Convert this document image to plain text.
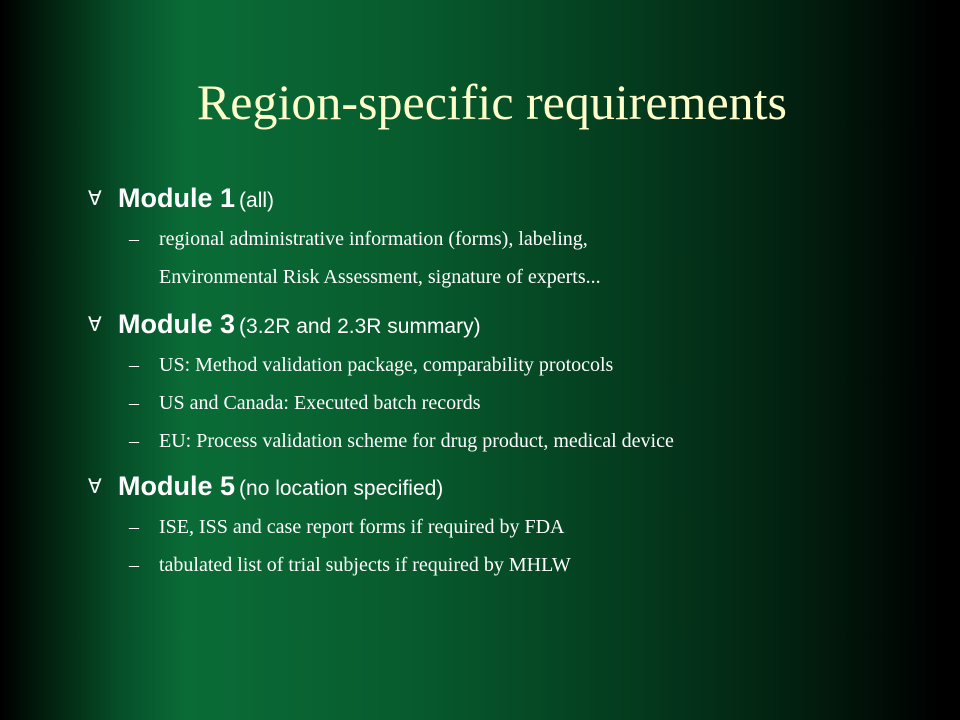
Region-specific requirements
∀ Module 1 (all)
– regional administrative information (forms), labeling,
Environmental Risk Assessment, signature of experts...
∀ Module 3 (3.2R and 2.3R summary)
– US: Method validation package, comparability protocols
– US and Canada: Executed batch records
– EU: Process validation scheme for drug product, medical device
∀ Module 5 (no location specified)
– ISE, ISS and case report forms if required by FDA
– tabulated list of trial subjects if required by MHLW
